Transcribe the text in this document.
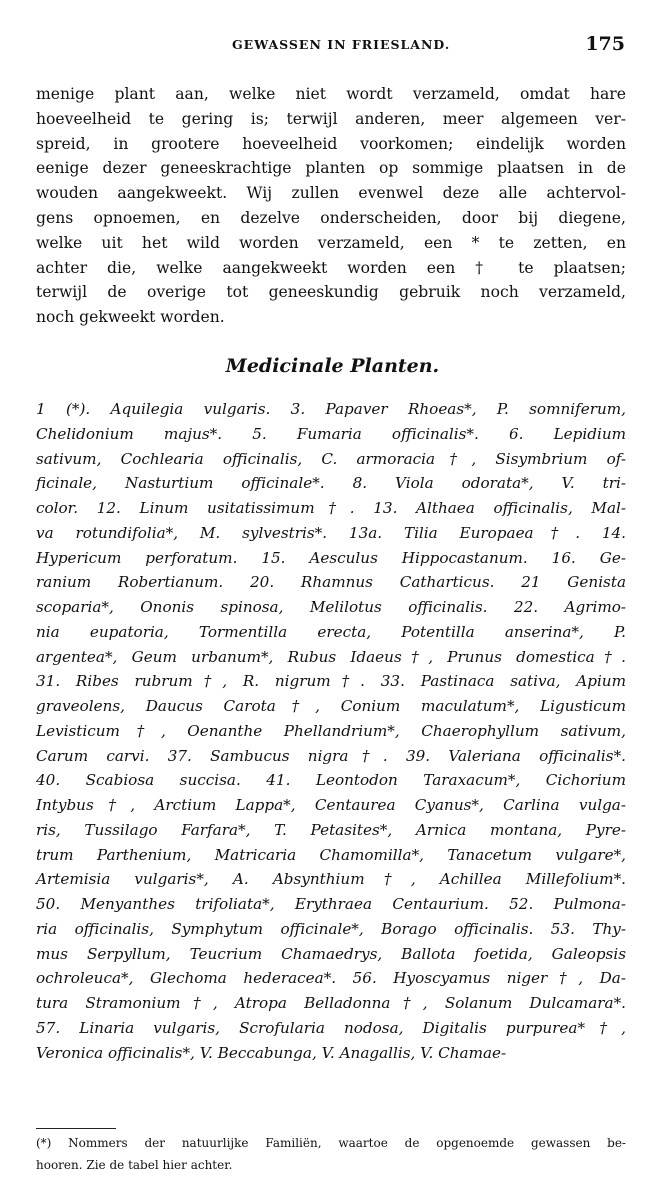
GEWASSEN IN FRIESLAND.	175
menige plant aan, welke niet wordt verzameld, omdat hare
hoeveelheid te gering is; terwijl anderen, meer algemeen ver-
spreid, in grootere hoeveelheid voorkomen; eindelijk worden
eenige dezer geneeskrachtige planten op sommige plaatsen in de
wouden aangekweekt. Wij zullen evenwel deze alle achtervol-
gens opnoemen, en dezelve onderscheiden, door bij diegene,
welke uit het wild worden verzameld, een * te zetten, en
achter die, welke aangekweekt worden een † te plaatsen;
terwijl de overige tot geneeskundig gebruik noch verzameld,
noch gekweekt worden.
Medicinale Planten.
1 (*). Aquilegia vulgaris. 3. Papaver Rhoeas*, P. somniferum,
Chelidonium majus*. 5. Fumaria officinalis*. 6. Lepidium
sativum, Cochlearia officinalis, C. armoracia†, Sisymbrium of-
ficinale, Nasturtium officinale*. 8. Viola odorata*, V. tri-
color. 12. Linum usitatissimum†. 13. Althaea officinalis, Mal-
va rotundifolia*, M. sylvestris*. 13a. Tilia Europaea†. 14.
Hypericum perforatum. 15. Aesculus Hippocastanum. 16. Ge-
ranium Robertianum. 20. Rhamnus Catharticus. 21 Genista
scoparia*, Ononis spinosa, Melilotus officinalis. 22. Agrimo-
nia eupatoria, Tormentilla erecta, Potentilla anserina*, P.
argentea*, Geum urbanum*, Rubus Idaeus†, Prunus domestica†.
31. Ribes rubrum†, R. nigrum†. 33. Pastinaca sativa, Apium
graveolens, Daucus Carota†, Conium maculatum*, Ligusticum
Levisticum†, Oenanthe Phellandrium*, Chaerophyllum sativum,
Carum carvi. 37. Sambucus nigra†. 39. Valeriana officinalis*.
40. Scabiosa succisa. 41. Leontodon Taraxacum*, Cichorium
Intybus†, Arctium Lappa*, Centaurea Cyanus*, Carlina vulga-
ris, Tussilago Farfara*, T. Petasites*, Arnica montana, Pyre-
trum Parthenium, Matricaria Chamomilla*, Tanacetum vulgare*,
Artemisia vulgaris*, A. Absynthium†, Achillea Millefolium*.
50. Menyanthes trifoliata*, Erythraea Centaurium. 52. Pulmona-
ria officinalis, Symphytum officinale*, Borago officinalis. 53. Thy-
mus Serpyllum, Teucrium Chamaedrys, Ballota foetida, Galeopsis
ochroleuca*, Glechoma hederacea*. 56. Hyoscyamus niger†, Da-
tura Stramonium†, Atropa Belladonna†, Solanum Dulcamara*.
57. Linaria vulgaris, Scrofularia nodosa, Digitalis purpurea*†,
Veronica officinalis*, V. Beccabunga, V. Anagallis, V. Chamae-
(*) Nommers der natuurlijke Familiën, waartoe de opgenoemde gewassen be-
hooren. Zie de tabel hier achter.
